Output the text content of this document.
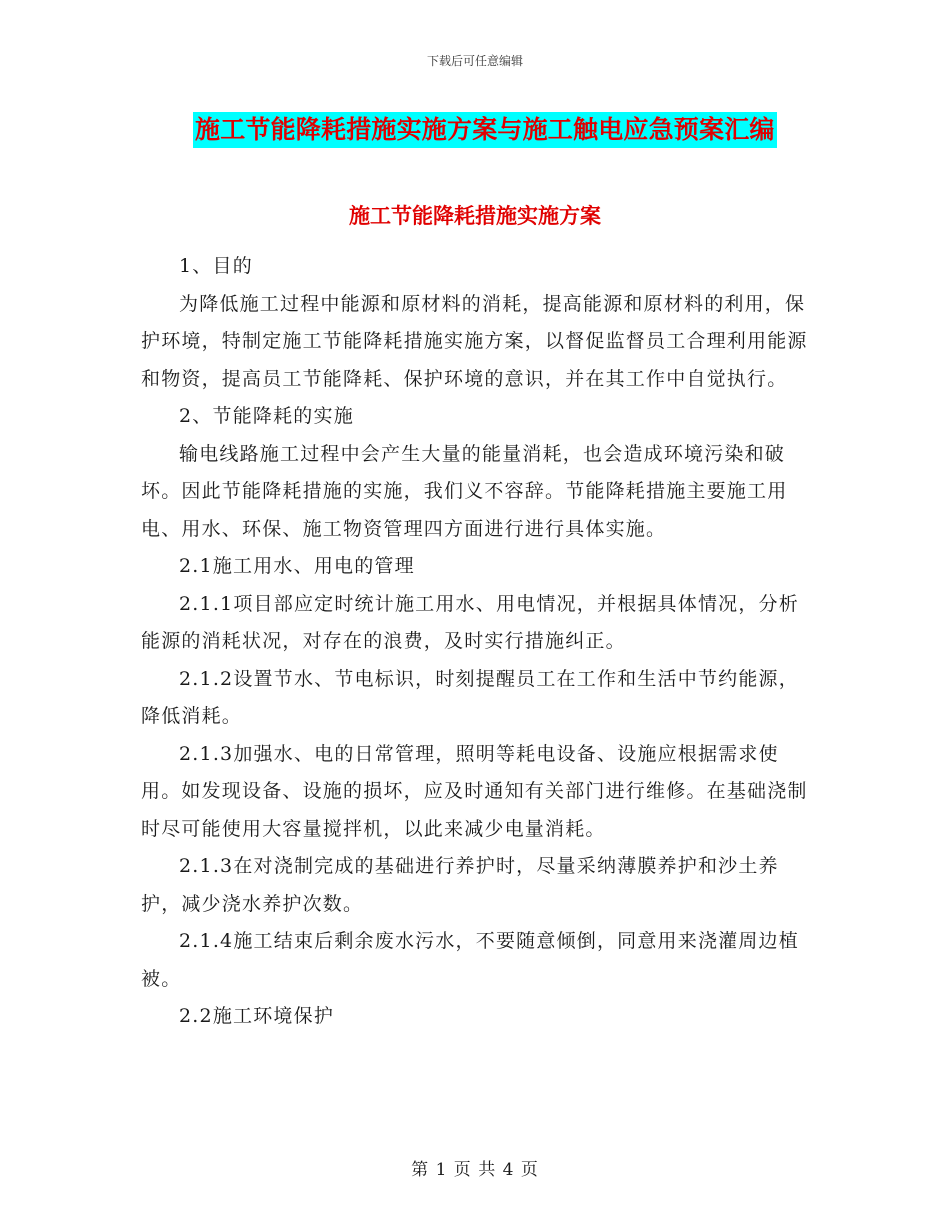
下载后可任意编辑
施工节能降耗措施实施方案与施工触电应急预案汇编
施工节能降耗措施实施方案

1、目的

为降低施工过程中能源和原材料的消耗，提高能源和原材料的利用，保护环境，特制定施工节能降耗措施实施方案，以督促监督员工合理利用能源和物资，提高员工节能降耗、保护环境的意识，并在其工作中自觉执行。

2、节能降耗的实施

输电线路施工过程中会产生大量的能量消耗，也会造成环境污染和破坏。因此节能降耗措施的实施，我们义不容辞。节能降耗措施主要施工用电、用水、环保、施工物资管理四方面进行进行具体实施。

2.1施工用水、用电的管理

2.1.1项目部应定时统计施工用水、用电情况，并根据具体情况，分析能源的消耗状况，对存在的浪费，及时实行措施纠正。

2.1.2设置节水、节电标识，时刻提醒员工在工作和生活中节约能源，降低消耗。

2.1.3加强水、电的日常管理，照明等耗电设备、设施应根据需求使用。如发现设备、设施的损坏，应及时通知有关部门进行维修。在基础浇制时尽可能使用大容量搅拌机，以此来减少电量消耗。

2.1.3在对浇制完成的基础进行养护时，尽量采纳薄膜养护和沙土养护，减少浇水养护次数。

2.1.4施工结束后剩余废水污水，不要随意倾倒，同意用来浇灌周边植被。

2.2施工环境保护

第 1 页 共 4 页
